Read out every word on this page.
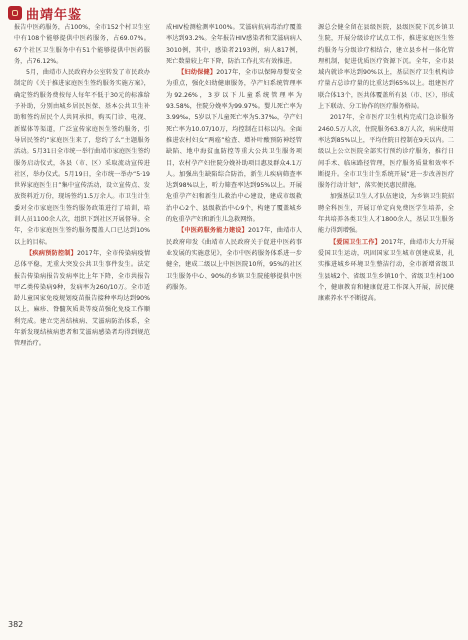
曲靖年鉴

报告中医药服务，占100%，全市152个村卫生室中有108个能够提供中医药服务，占69.07%。67个社区卫生服务中有51个能够提供中医药服务，占76.12%。

5月，曲靖市人民政府办公室转发了市民政办制定的《关于推进家庭医生签约服务实施方案》，确定签约服务费按每人每年不低于30元的标准给予补助，分别由城乡居民医保、基本公共卫生补助和签约居民个人共同承担，购买门诊、电视、新媒体等渠道，广泛宣传家庭医生签约服务，引导居民签约“家庭医生来了，您约了么”主题服务活动。5月31日全市统一举行曲靖市家庭医生签约服务启动仪式，各县（市、区）采取流动宣传进社区，举办仪式。5月19日，全市统一举办“5·19世界家庭医生日”集中宣传活动，设立宣传点、发放资料近万份，现场签约1.5万余人。市卫生计生委对全市家庭医生签约服务政策进行了培训，培训人员1100余人次，组织下到社区开展督导。全年，全市家庭医生签约服务覆盖人口已达到10%以上的目标。

【疾病预防控制】2017年，全市传染病疫情总体平稳，无重大突发公共卫生事件发生。法定报告传染病报告发病率比上年下降，全市共报告甲乙类传染病9种，发病率为260/10万。全市适龄儿童国家免疫规划疫苗报告接种率均达到90%以上，麻疹、脊髓灰质炎等疫苗强化免疫工作顺利完成。建立完善结核病、艾滋病防治体系，全年新发现结核病患者和艾滋病感染者均得到规范管理治疗。

成HIV检测检测率100%。艾滋病抗病毒治疗覆盖率达到93.2%。全年报告HIV感染者和艾滋病病人3010例，其中，感染者2193例，病人817例，死亡数量较上年下降，防治工作扎实有效推进。

【妇幼保健】2017年，全市以保障母婴安全为重点，强化妇幼健康服务，孕产妇系统管理率为92.26%，3岁以下儿童系统管理率为93.58%，住院分娩率为99.97%。婴儿死亡率为3.99‰，5岁以下儿童死亡率为5.37‰，孕产妇死亡率为10.07/10万，均控制在目标以内。全面推进农村妇女“两癌”检查、增补叶酸预防神经管缺陷、地中海贫血防控等重大公共卫生服务项目，农村孕产妇住院分娩补助项目惠及群众4.1万人。加强出生缺陷综合防治，新生儿疾病筛查率达到98%以上，听力筛查率达到95%以上。开展危重孕产妇和新生儿救治中心建设，建成市级救治中心2个、县级救治中心9个，构建了覆盖城乡的危重孕产妇和新生儿急救网络。

【中医药服务能力建设】2017年，曲靖市人民政府印发《曲靖市人民政府关于促进中医药事业发展的实施意见》，全市中医药服务体系进一步健全，建成二级以上中医医院10所，95%的社区卫生服务中心、90%的乡镇卫生院能够提供中医药服务。

源总会健全留在县级医院，县级医院下沉乡镇卫生院，开展分级诊疗试点工作，推进家庭医生签约服务与分级诊疗相结合，建立县乡村一体化管理机制，促进优质医疗资源下沉。全年，全市县域内就诊率达到90%以上，基层医疗卫生机构诊疗量占总诊疗量的比重达到65%以上。组建医疗联合体13个，医共体覆盖所有县（市、区），形成上下联动、分工协作的医疗服务格局。

2017年，全市医疗卫生机构完成门急诊服务2460.5万人次，住院服务63.8万人次，病床使用率达到85%以上，平均住院日控制在9天以内。二级以上公立医院全部实行预约诊疗服务，推行日间手术、临床路径管理，医疗服务质量和效率不断提升。全市卫生计生系统开展“进一步改善医疗服务行动计划”，落实便民惠民措施。

加强基层卫生人才队伍建设，为乡镇卫生院招聘全科医生，开展订单定向免费医学生培养，全年共培养各类卫生人才1800余人，基层卫生服务能力得到增强。

【爱国卫生工作】2017年，曲靖市大力开展爱国卫生运动，巩固国家卫生城市创建成果，扎实推进城乡环境卫生整洁行动，全市新增省级卫生县城2个、省级卫生乡镇10个、省级卫生村100个，健康教育和健康促进工作深入开展，居民健康素养水平不断提高。

382
